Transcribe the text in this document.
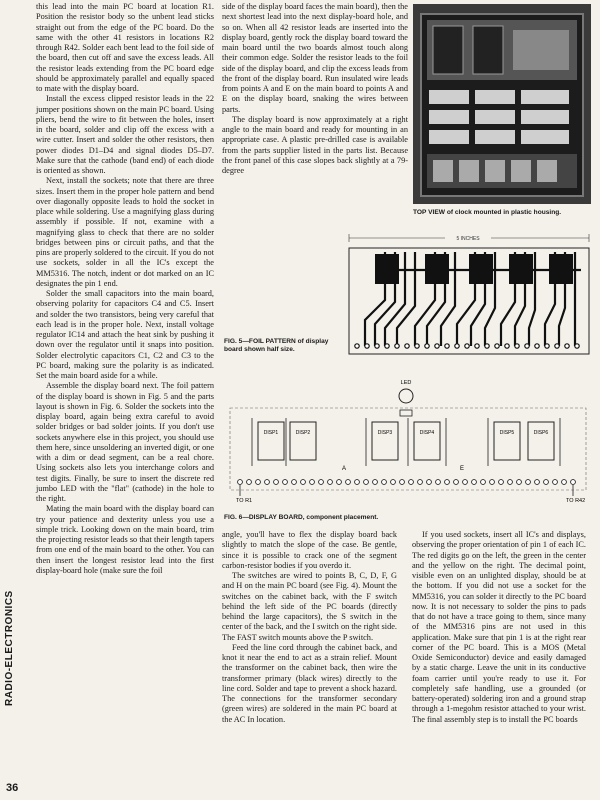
this lead into the main PC board at location R1. Position the resistor body so the unbent lead sticks straight out from the edge of the PC board. Do the same with the other 41 resistors in locations R2 through R42. Solder each bent lead to the foil side of the board, then cut off and save the excess leads. All the resistor leads extending from the PC board edge should be approximately parallel and equally spaced to mate with the display board.

Install the excess clipped resistor leads in the 22 jumper positions shown on the main PC board. Using pliers, bend the wire to fit between the holes, insert in the board, solder and clip off the excess with a wire cutter. Insert and solder the other resistors, then power diodes D1–D4 and signal diodes D5–D7. Make sure that the cathode (band end) of each diode is oriented as shown.

Next, install the sockets; note that there are three sizes. Insert them in the proper hole pattern and bend over diagonally opposite leads to hold the socket in place while soldering. Use a magnifying glass during assembly if possible. If not, examine with a magnifying glass to check that there are no solder bridges between pins or circuit paths, and that the pins are properly soldered to the circuit. If you do not use sockets, solder in all the IC's except the MM5316. The notch, indent or dot marked on an IC designates the pin 1 end.

Solder the small capacitors into the main board, observing polarity for capacitors C4 and C5. Insert and solder the two transistors, being very careful that each lead is in the proper hole. Next, install voltage regulator IC14 and attach the heat sink by pushing it down over the regulator until it snaps into position. Solder electrolytic capacitors C1, C2 and C3 to the PC board, making sure the polarity is as indicated. Set the main board aside for a while.

Assemble the display board next. The foil pattern of the display board is shown in Fig. 5 and the parts layout is shown in Fig. 6. Solder the sockets into the display board, again being extra careful to avoid solder bridges or bad solder joints. If you don't use sockets anywhere else in this project, you should use them here, since unsoldering an inverted digit, or one with a dim or dead segment, can be a real chore. Using sockets also lets you interchange colors and test digits. Finally, be sure to insert the discrete red jumbo LED with the "flat" (cathode) in the hole to the right.

Mating the main board with the display board can try your patience and dexterity unless you use a simple trick. Looking down on the main board, trim the projecting resistor leads so that their length tapers from one end of the main board to the other. You can then insert the longest resistor lead into the first display-board hole (make sure the foil

side of the display board faces the main board), then the next shortest lead into the next display-board hole, and so on. When all 42 resistor leads are inserted into the display board, gently rock the display board toward the main board until the two boards almost touch along their common edge. Solder the resistor leads to the foil side of the display board, and clip the excess leads from the front of the display board. Run insulated wire leads from points A and E on the main board to points A and E on the display board, snaking the wires between parts.

The display board is now approximately at a right angle to the main board and ready for mounting in an appropriate case. A plastic pre-drilled case is available from the parts supplier listed in the parts list. Because the front panel of this case slopes back slightly at a 79-degree

TOP VIEW of clock mounted in plastic housing.
5 INCHES
FIG. 5—FOIL PATTERN of display board shown half size.
LED
DISP1	DISP2	DISP3	DISP4	DISP5	DISP6
A	E
TO R1	TO R42
FIG. 6—DISPLAY BOARD, component placement.

angle, you'll have to flex the display board back slightly to match the slope of the case. Be gentle, since it is possible to crack one of the segment carbon-resistor bodies if you overdo it.

The switches are wired to points B, C, D, F, G and H on the main PC board (see Fig. 4). Mount the switches on the cabinet back, with the F switch behind the left side of the PC boards (directly behind the large capacitors), the S switch in the center of the back, and the I switch on the right side. The FAST switch mounts above the P switch.

Feed the line cord through the cabinet back, and knot it near the end to act as a strain relief. Mount the transformer on the cabinet back, then wire the transformer primary (black wires) directly to the line cord. Solder and tape to prevent a shock hazard. The connections for the transformer secondary (green wires) are soldered in the main PC board at the AC In location.

If you used sockets, insert all IC's and displays, observing the proper orientation of pin 1 of each IC. The red digits go on the left, the green in the center and the yellow on the right. The decimal point, visible even on an unlighted display, should be at the bottom. If you did not use a socket for the MM5316, you can solder it directly to the PC board now. It is not necessary to solder the pins to pads that do not have a trace going to them, since many of the MM5316 pins are not used in this application. Make sure that pin 1 is at the right rear corner of the PC board. This is a MOS (Metal Oxide Semiconductor) device and easily damaged by a static charge. Leave the unit in its conductive foam carrier until you're ready to use it. For completely safe handling, use a grounded (or battery-operated) soldering iron and a ground strap through a 1-megohm resistor attached to your wrist. The final assembly step is to install the PC boards

RADIO-ELECTRONICS
36
